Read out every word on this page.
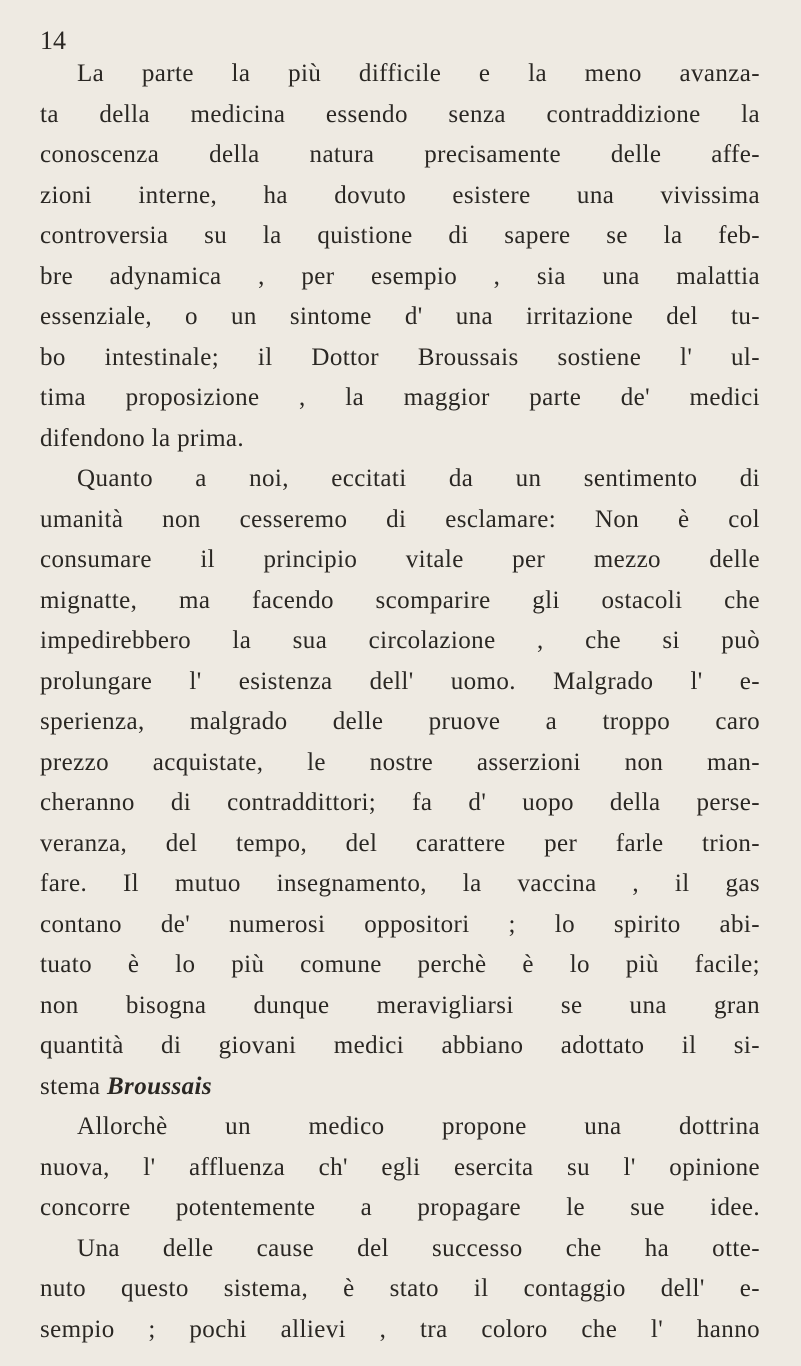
14
La parte la più difficile e la meno avanza-
ta della medicina essendo senza contraddizione la
conoscenza della natura precisamente delle affe-
zioni interne, ha dovuto esistere una vivissima
controversia su la quistione di sapere se la feb-
bre adynamica , per esempio , sia una malattia
essenziale, o un sintome d' una irritazione del tu-
bo intestinale; il Dottor Broussais sostiene l' ul-
tima proposizione , la maggior parte de' medici
difendono la prima.
Quanto a noi, eccitati da un sentimento di
umanità non cesseremo di esclamare: Non è col
consumare il principio vitale per mezzo delle
mignatte, ma facendo scomparire gli ostacoli che
impedirebbero la sua circolazione , che si può
prolungare l' esistenza dell' uomo. Malgrado l' e-
sperienza, malgrado delle pruove a troppo caro
prezzo acquistate, le nostre asserzioni non man-
cheranno di contraddittori; fa d' uopo della perse-
veranza, del tempo, del carattere per farle trion-
fare. Il mutuo insegnamento, la vaccina , il gas
contano de' numerosi oppositori ; lo spirito abi-
tuato è lo più comune perchè è lo più facile;
non bisogna dunque meravigliarsi se una gran
quantità di giovani medici abbiano adottato il si-
stema Broussais
Allorchè un medico propone una dottrina
nuova, l' affluenza ch' egli esercita su l' opinione
concorre potentemente a propagare le sue idee.
Una delle cause del successo che ha otte-
nuto questo sistema, è stato il contaggio dell' e-
sempio ; pochi allievi , tra coloro che l' hanno
